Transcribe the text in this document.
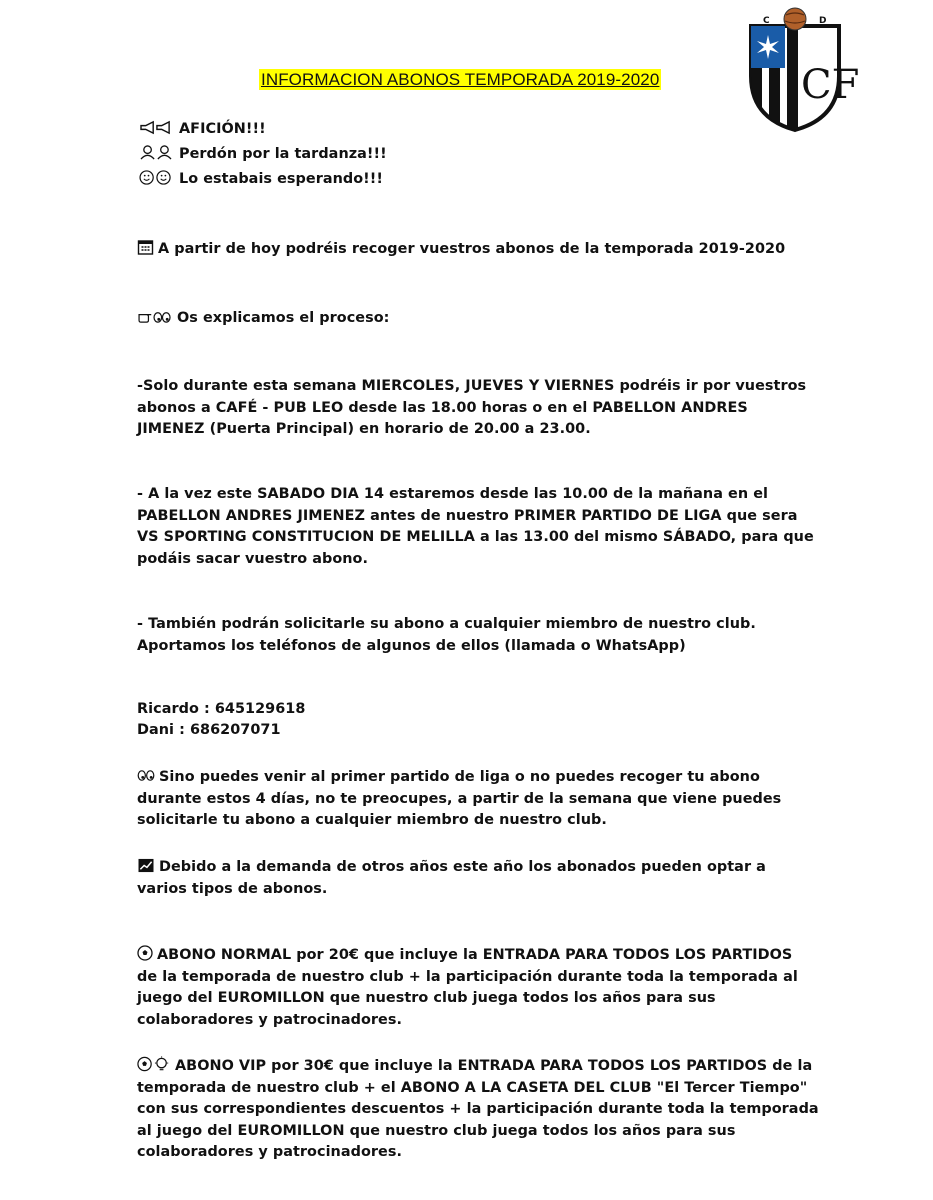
INFORMACION ABONOS TEMPORADA 2019-2020
C	D
CF

AFICIÓN!!!

Perdón por la tardanza!!!

Lo estabais esperando!!!

A partir de hoy podréis recoger vuestros abonos de la temporada 2019-2020

Os explicamos el proceso:

-Solo durante esta semana MIERCOLES, JUEVES Y VIERNES podréis ir por vuestros abonos a CAFÉ - PUB LEO desde las 18.00 horas o en el PABELLON ANDRES JIMENEZ (Puerta Principal) en horario de 20.00 a 23.00.

- A la vez este SABADO DIA 14 estaremos desde las 10.00 de la mañana en el PABELLON ANDRES JIMENEZ antes de nuestro PRIMER PARTIDO DE LIGA que sera VS SPORTING CONSTITUCION DE MELILLA a las 13.00 del mismo SÁBADO, para que podáis sacar vuestro abono.

- También podrán solicitarle su abono a cualquier miembro de nuestro club. Aportamos los teléfonos de algunos de ellos (llamada o WhatsApp)

Ricardo : 645129618

Dani : 686207071

Sino puedes venir al primer partido de liga o no puedes recoger tu abono durante estos 4 días, no te preocupes, a partir de la semana que viene puedes solicitarle tu abono a cualquier miembro de nuestro club.

Debido a la demanda de otros años este año los abonados pueden optar a varios tipos de abonos.

ABONO NORMAL por 20€ que incluye la ENTRADA PARA TODOS LOS PARTIDOS de la temporada de nuestro club + la participación durante toda la temporada al juego del EUROMILLON que nuestro club juega todos los años para sus colaboradores y patrocinadores.

ABONO VIP por 30€ que incluye la ENTRADA PARA TODOS LOS PARTIDOS de la temporada de nuestro club + el ABONO A LA CASETA DEL CLUB "El Tercer Tiempo" con sus correspondientes descuentos + la participación durante toda la temporada al juego del EUROMILLON que nuestro club juega todos los años para sus colaboradores y patrocinadores.
